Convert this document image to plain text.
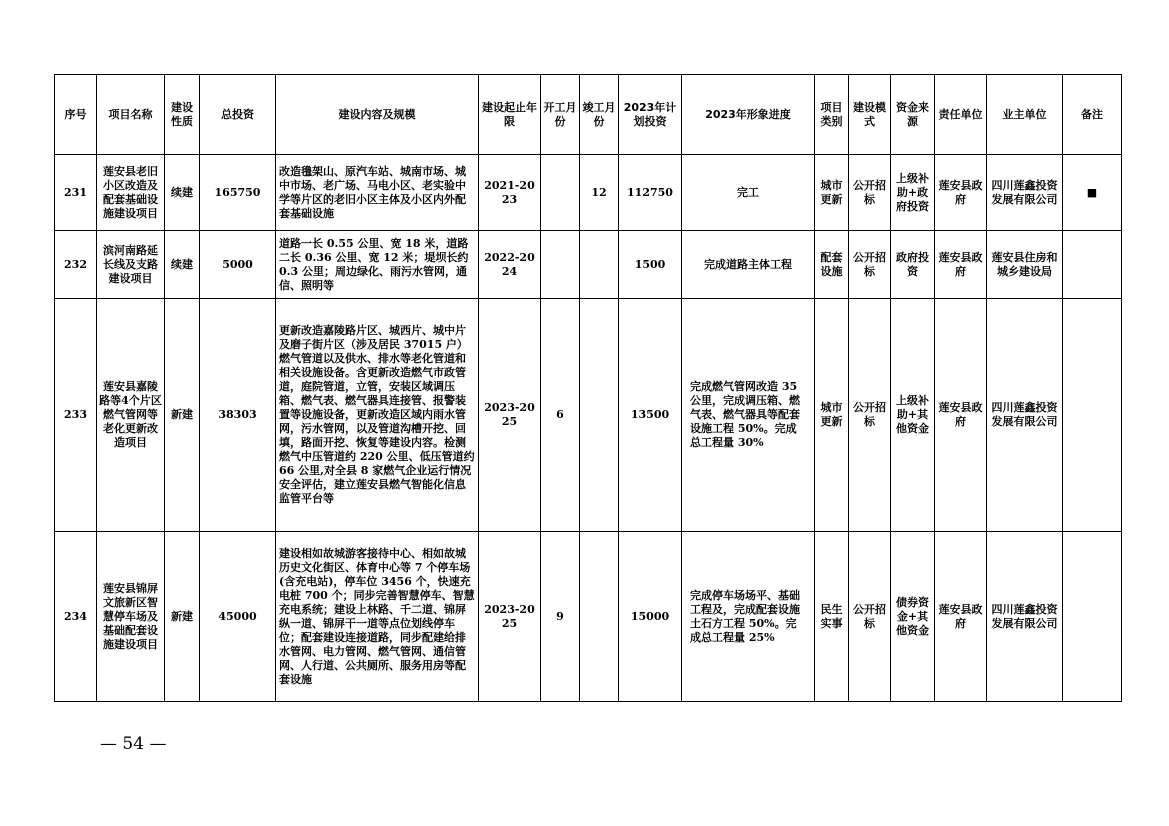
序号	项目名称	建设性质	总投资	建设内容及规模	建设起止年限	开工月份	竣工月份	2023年计划投资	2023年形象进度	项目类别	建设模式	资金来源	责任单位	业主单位	备注
231	莲安县老旧小区改造及配套基础设施建设项目	续建	165750	改造氇架山、原汽车站、城南市场、城中市场、老广场、马电小区、老实验中学等片区的老旧小区主体及小区内外配套基础设施	2021-2023		12	112750	完工	城市更新	公开招标	上级补助+政府投资	莲安县政府	四川莲鑫投资发展有限公司	■
232	滨河南路延长线及支路建设项目	续建	5000	道路一长 0.55 公里、宽 18 米，道路二长 0.36 公里、宽 12 米；堤坝长约 0.3 公里；周边绿化、雨污水管网，通信、照明等	2022-2024			1500	完成道路主体工程	配套设施	公开招标	政府投资	莲安县政府	莲安县住房和城乡建设局	
233	莲安县嘉陵路等4个片区燃气管网等老化更新改造项目	新建	38303	更新改造嘉陵路片区、城西片、城中片及磨子街片区（涉及居民 37015 户）燃气管道以及供水、排水等老化管道和相关设施设备。含更新改造燃气市政管道，庭院管道，立管，安装区域调压箱、燃气表、燃气器具连接管、报警装置等设施设备，更新改造区域内雨水管网，污水管网，以及管道沟槽开挖、回填，路面开挖、恢复等建设内容。检测燃气中压管道约 220 公里、低压管道约 66 公里,对全县 8 家燃气企业运行情况安全评估，建立莲安县燃气智能化信息监管平台等	2023-2025	6		13500	完成燃气管网改造 35 公里，完成调压箱、燃气表、燃气器具等配套设施工程 50%。完成总工程量 30%	城市更新	公开招标	上级补助+其他资金	莲安县政府	四川莲鑫投资发展有限公司	
234	莲安县锦屏文旅新区智慧停车场及基础配套设施建设项目	新建	45000	建设相如故城游客接待中心、相如故城历史文化街区、体育中心等 7 个停车场(含充电站)，停车位 3456 个，快速充电桩 700 个；同步完善智慧停车、智慧充电系统；建设上林路、千二道、锦屏纵一道、锦屏干一道等点位划线停车位；配套建设连接道路，同步配建给排水管网、电力管网、燃气管网、通信管网、人行道、公共厕所、服务用房等配套设施	2023-2025	9		15000	完成停车场场平、基础工程及，完成配套设施土石方工程 50%。完成总工程量 25%	民生实事	公开招标	债券资金+其他资金	莲安县政府	四川莲鑫投资发展有限公司	
— 54 —
